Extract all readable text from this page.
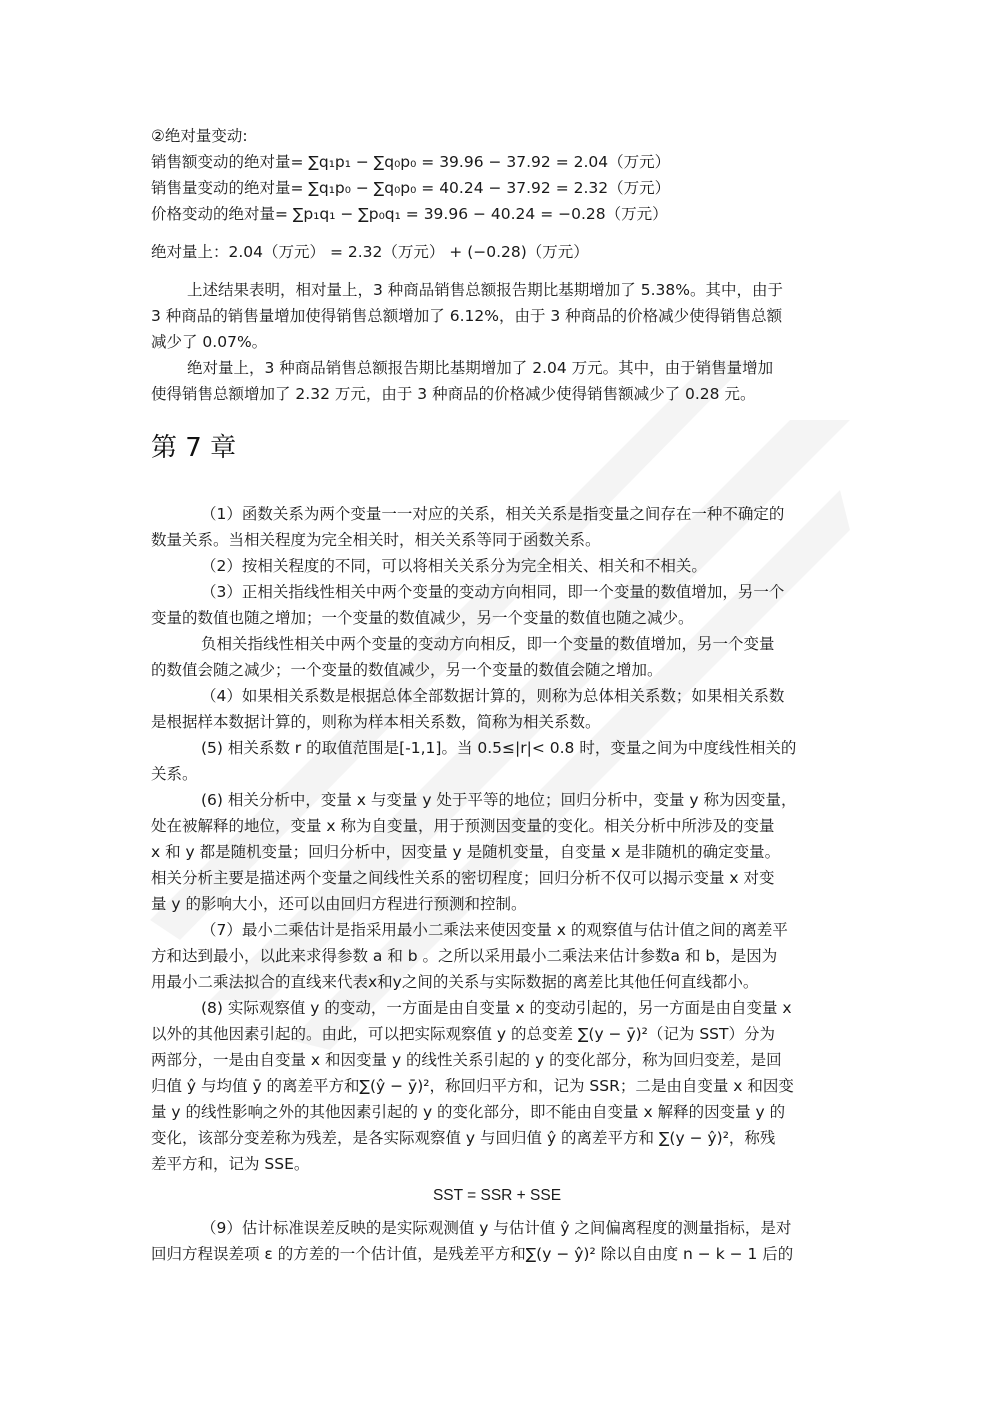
②绝对量变动:
销售额变动的绝对量= ∑q₁p₁ − ∑q₀p₀ = 39.96 − 37.92 = 2.04（万元）
销售量变动的绝对量= ∑q₁p₀ − ∑q₀p₀ = 40.24 − 37.92 = 2.32（万元）
价格变动的绝对量= ∑p₁q₁ − ∑p₀q₁ = 39.96 − 40.24 = −0.28（万元）
绝对量上：2.04（万元） = 2.32（万元） + (−0.28)（万元）
上述结果表明，相对量上，3 种商品销售总额报告期比基期增加了 5.38%。其中，由于
3 种商品的销售量增加使得销售总额增加了 6.12%，由于 3 种商品的价格减少使得销售总额
减少了 0.07%。
绝对量上，3 种商品销售总额报告期比基期增加了 2.04 万元。其中，由于销售量增加
使得销售总额增加了 2.32 万元，由于 3 种商品的价格减少使得销售额减少了 0.28 元。
第 7 章
（1）函数关系为两个变量一一对应的关系，相关关系是指变量之间存在一种不确定的
数量关系。当相关程度为完全相关时，相关关系等同于函数关系。
（2）按相关程度的不同，可以将相关关系分为完全相关、相关和不相关。
（3）正相关指线性相关中两个变量的变动方向相同，即一个变量的数值增加，另一个
变量的数值也随之增加；一个变量的数值减少，另一个变量的数值也随之减少。
负相关指线性相关中两个变量的变动方向相反，即一个变量的数值增加，另一个变量
的数值会随之减少；一个变量的数值减少，另一个变量的数值会随之增加。
（4）如果相关系数是根据总体全部数据计算的，则称为总体相关系数；如果相关系数
是根据样本数据计算的，则称为样本相关系数，简称为相关系数。
(5) 相关系数 r 的取值范围是[-1,1]。当 0.5≤|r|< 0.8 时，变量之间为中度线性相关的
关系。
(6) 相关分析中，变量 x 与变量 y 处于平等的地位；回归分析中，变量 y 称为因变量，
处在被解释的地位，变量 x 称为自变量，用于预测因变量的变化。相关分析中所涉及的变量
x 和 y 都是随机变量；回归分析中，因变量 y 是随机变量，自变量 x 是非随机的确定变量。
相关分析主要是描述两个变量之间线性关系的密切程度；回归分析不仅可以揭示变量 x 对变
量 y 的影响大小，还可以由回归方程进行预测和控制。
（7）最小二乘估计是指采用最小二乘法来使因变量 x 的观察值与估计值之间的离差平
方和达到最小，以此来求得参数 a 和 b 。之所以采用最小二乘法来估计参数a 和 b，是因为
用最小二乘法拟合的直线来代表x和y之间的关系与实际数据的离差比其他任何直线都小。
(8) 实际观察值 y 的变动，一方面是由自变量 x 的变动引起的，另一方面是由自变量 x
以外的其他因素引起的。由此，可以把实际观察值 y 的总变差 ∑(y − ȳ)²（记为 SST）分为
两部分，一是由自变量 x 和因变量 y 的线性关系引起的 y 的变化部分，称为回归变差，是回
归值 ŷ 与均值 ȳ 的离差平方和∑(ŷ − ȳ)²，称回归平方和，记为 SSR；二是由自变量 x 和因变
量 y 的线性影响之外的其他因素引起的 y 的变化部分，即不能由自变量 x 解释的因变量 y 的
变化，该部分变差称为残差，是各实际观察值 y 与回归值 ŷ 的离差平方和 ∑(y − ŷ)²，称残
差平方和，记为 SSE。
SST = SSR + SSE
（9）估计标准误差反映的是实际观测值 y 与估计值 ŷ 之间偏离程度的测量指标，是对
回归方程误差项 ε 的方差的一个估计值，是残差平方和∑(y − ŷ)² 除以自由度 n − k − 1 后的
